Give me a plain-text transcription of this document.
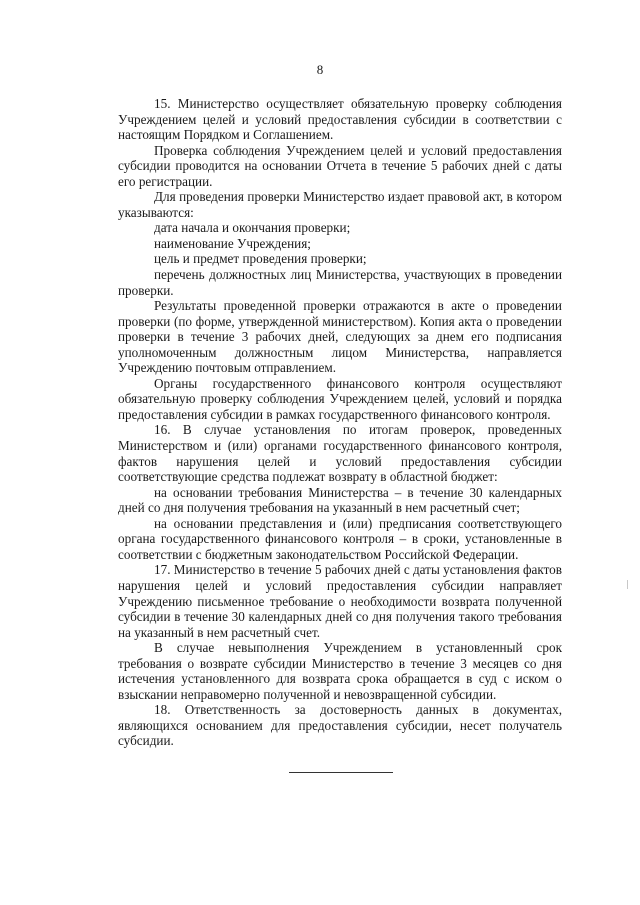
8

15. Министерство осуществляет обязательную проверку соблюдения Учреждением целей и условий предоставления субсидии в соответствии с настоящим Порядком и Соглашением.

Проверка соблюдения Учреждением целей и условий предоставления субсидии проводится на основании Отчета в течение 5 рабочих дней с даты его регистрации.

Для проведения проверки Министерство издает правовой акт, в котором указываются:

дата начала и окончания проверки;

наименование Учреждения;

цель и предмет проведения проверки;

перечень должностных лиц Министерства, участвующих в проведении проверки.

Результаты проведенной проверки отражаются в акте о проведении проверки (по форме, утвержденной министерством). Копия акта о проведении проверки в течение 3 рабочих дней, следующих за днем его подписания уполномоченным должностным лицом Министерства, направляется Учреждению почтовым отправлением.

Органы государственного финансового контроля осуществляют обязательную проверку соблюдения Учреждением целей, условий и порядка предоставления субсидии в рамках государственного финансового контроля.

16. В случае установления по итогам проверок, проведенных Министерством и (или) органами государственного финансового контроля, фактов нарушения целей и условий предоставления субсидии соответствующие средства подлежат возврату в областной бюджет:

на основании требования Министерства – в течение 30 календарных дней со дня получения требования на указанный в нем расчетный счет;

на основании представления и (или) предписания соответствующего органа государственного финансового контроля – в сроки, установленные в соответствии с бюджетным законодательством Российской Федерации.

17. Министерство в течение 5 рабочих дней с даты установления фактов нарушения целей и условий предоставления субсидии направляет Учреждению письменное требование о необходимости возврата полученной субсидии в течение 30 календарных дней со дня получения такого требования на указанный в нем расчетный счет.

В случае невыполнения Учреждением в установленный срок требования о возврате субсидии Министерство в течение 3 месяцев со дня истечения установленного для возврата срока обращается в суд с иском о взыскании неправомерно полученной и невозвращенной субсидии.

18. Ответственность за достоверность данных в документах, являющихся основанием для предоставления субсидии, несет получатель субсидии.
